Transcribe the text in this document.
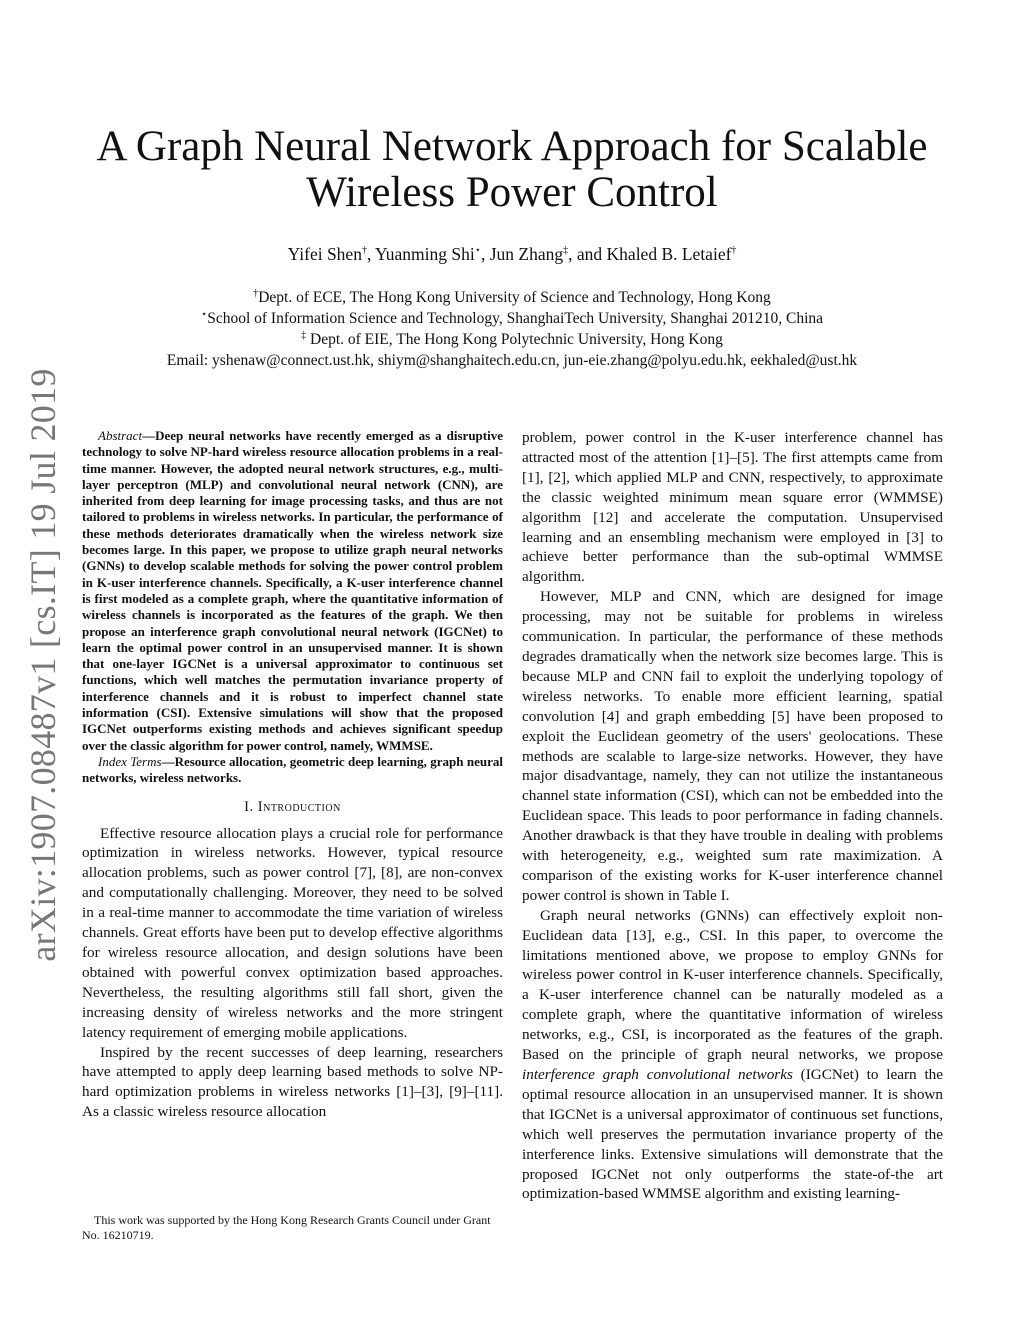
arXiv:1907.08487v1 [cs.IT] 19 Jul 2019
A Graph Neural Network Approach for Scalable
Wireless Power Control
Yifei Shen†, Yuanming Shi⋆, Jun Zhang‡, and Khaled B. Letaief†
†Dept. of ECE, The Hong Kong University of Science and Technology, Hong Kong
⋆School of Information Science and Technology, ShanghaiTech University, Shanghai 201210, China
‡ Dept. of EIE, The Hong Kong Polytechnic University, Hong Kong
Email: yshenaw@connect.ust.hk, shiym@shanghaitech.edu.cn, jun-eie.zhang@polyu.edu.hk, eekhaled@ust.hk

Abstract—Deep neural networks have recently emerged as a disruptive technology to solve NP-hard wireless resource allocation problems in a real-time manner. However, the adopted neural network structures, e.g., multi-layer perceptron (MLP) and convolutional neural network (CNN), are inherited from deep learning for image processing tasks, and thus are not tailored to problems in wireless networks. In particular, the performance of these methods deteriorates dramatically when the wireless network size becomes large. In this paper, we propose to utilize graph neural networks (GNNs) to develop scalable methods for solving the power control problem in K-user interference channels. Specifically, a K-user interference channel is first modeled as a complete graph, where the quantitative information of wireless channels is incorporated as the features of the graph. We then propose an interference graph convolutional neural network (IGCNet) to learn the optimal power control in an unsupervised manner. It is shown that one-layer IGCNet is a universal approximator to continuous set functions, which well matches the permutation invariance property of interference channels and it is robust to imperfect channel state information (CSI). Extensive simulations will show that the proposed IGCNet outperforms existing methods and achieves significant speedup over the classic algorithm for power control, namely, WMMSE.

Index Terms—Resource allocation, geometric deep learning, graph neural networks, wireless networks.

I. Introduction

Effective resource allocation plays a crucial role for performance optimization in wireless networks. However, typical resource allocation problems, such as power control [7], [8], are non-convex and computationally challenging. Moreover, they need to be solved in a real-time manner to accommodate the time variation of wireless channels. Great efforts have been put to develop effective algorithms for wireless resource allocation, and design solutions have been obtained with powerful convex optimization based approaches. Nevertheless, the resulting algorithms still fall short, given the increasing density of wireless networks and the more stringent latency requirement of emerging mobile applications.

Inspired by the recent successes of deep learning, researchers have attempted to apply deep learning based methods to solve NP-hard optimization problems in wireless networks [1]–[3], [9]–[11]. As a classic wireless resource allocation

This work was supported by the Hong Kong Research Grants Council under Grant No. 16210719.

problem, power control in the K-user interference channel has attracted most of the attention [1]–[5]. The first attempts came from [1], [2], which applied MLP and CNN, respectively, to approximate the classic weighted minimum mean square error (WMMSE) algorithm [12] and accelerate the computation. Unsupervised learning and an ensembling mechanism were employed in [3] to achieve better performance than the sub-optimal WMMSE algorithm.

However, MLP and CNN, which are designed for image processing, may not be suitable for problems in wireless communication. In particular, the performance of these methods degrades dramatically when the network size becomes large. This is because MLP and CNN fail to exploit the underlying topology of wireless networks. To enable more efficient learning, spatial convolution [4] and graph embedding [5] have been proposed to exploit the Euclidean geometry of the users' geolocations. These methods are scalable to large-size networks. However, they have major disadvantage, namely, they can not utilize the instantaneous channel state information (CSI), which can not be embedded into the Euclidean space. This leads to poor performance in fading channels. Another drawback is that they have trouble in dealing with problems with heterogeneity, e.g., weighted sum rate maximization. A comparison of the existing works for K-user interference channel power control is shown in Table I.

Graph neural networks (GNNs) can effectively exploit non-Euclidean data [13], e.g., CSI. In this paper, to overcome the limitations mentioned above, we propose to employ GNNs for wireless power control in K-user interference channels. Specifically, a K-user interference channel can be naturally modeled as a complete graph, where the quantitative information of wireless networks, e.g., CSI, is incorporated as the features of the graph. Based on the principle of graph neural networks, we propose interference graph convolutional networks (IGCNet) to learn the optimal resource allocation in an unsupervised manner. It is shown that IGCNet is a universal approximator of continuous set functions, which well preserves the permutation invariance property of the interference links. Extensive simulations will demonstrate that the proposed IGCNet not only outperforms the state-of-the art optimization-based WMMSE algorithm and existing learning-
